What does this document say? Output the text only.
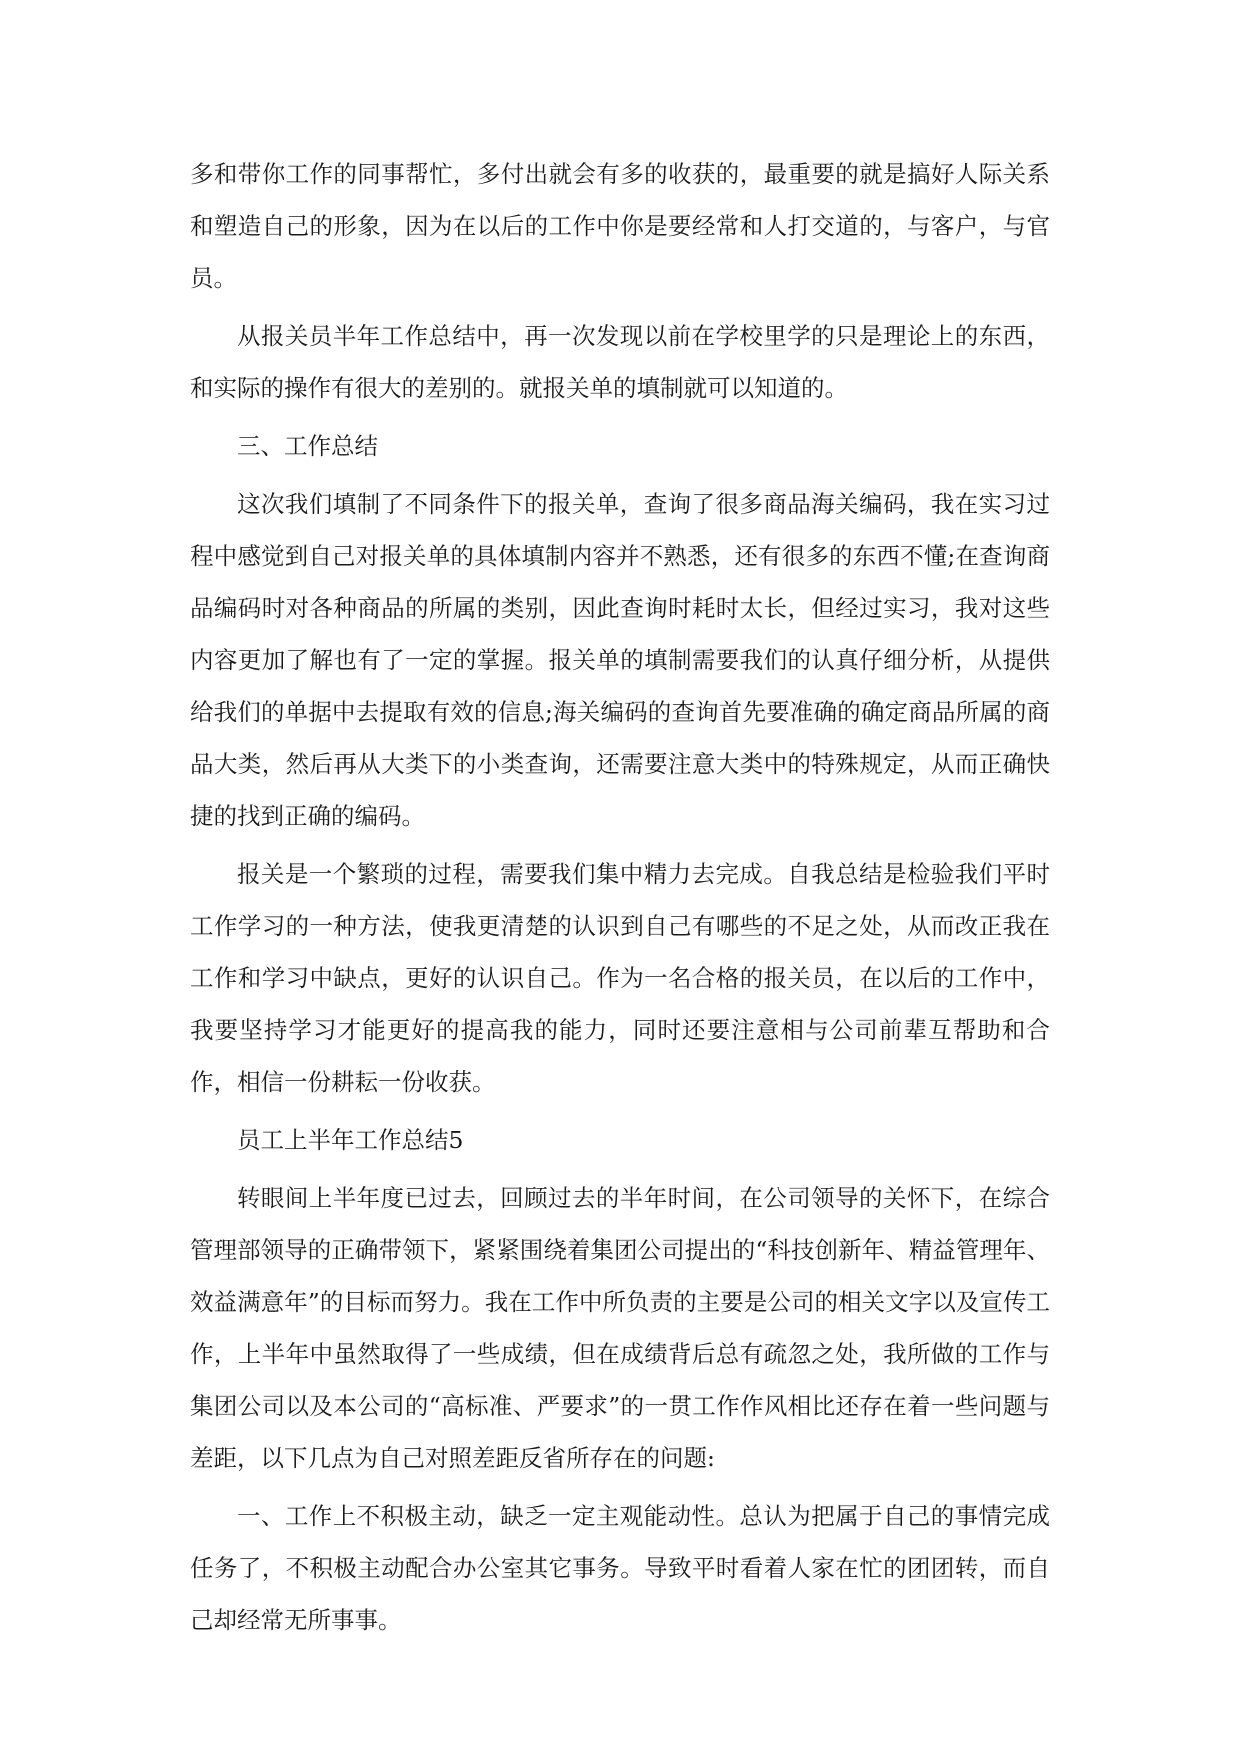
多和带你工作的同事帮忙，多付出就会有多的收获的，最重要的就是搞好人际关系和塑造自己的形象，因为在以后的工作中你是要经常和人打交道的，与客户，与官员。

从报关员半年工作总结中，再一次发现以前在学校里学的只是理论上的东西，和实际的操作有很大的差别的。就报关单的填制就可以知道的。

三、工作总结

这次我们填制了不同条件下的报关单，查询了很多商品海关编码，我在实习过程中感觉到自己对报关单的具体填制内容并不熟悉，还有很多的东西不懂;在查询商品编码时对各种商品的所属的类别，因此查询时耗时太长，但经过实习，我对这些内容更加了解也有了一定的掌握。报关单的填制需要我们的认真仔细分析，从提供给我们的单据中去提取有效的信息;海关编码的查询首先要准确的确定商品所属的商品大类，然后再从大类下的小类查询，还需要注意大类中的特殊规定，从而正确快捷的找到正确的编码。

报关是一个繁琐的过程，需要我们集中精力去完成。自我总结是检验我们平时工作学习的一种方法，使我更清楚的认识到自己有哪些的不足之处，从而改正我在工作和学习中缺点，更好的认识自己。作为一名合格的报关员，在以后的工作中，我要坚持学习才能更好的提高我的能力，同时还要注意相与公司前辈互帮助和合作，相信一份耕耘一份收获。

员工上半年工作总结5

转眼间上半年度已过去，回顾过去的半年时间，在公司领导的关怀下，在综合管理部领导的正确带领下，紧紧围绕着集团公司提出的“科技创新年、精益管理年、效益满意年”的目标而努力。我在工作中所负责的主要是公司的相关文字以及宣传工作，上半年中虽然取得了一些成绩，但在成绩背后总有疏忽之处，我所做的工作与集团公司以及本公司的“高标准、严要求”的一贯工作作风相比还存在着一些问题与差距，以下几点为自己对照差距反省所存在的问题:

一、工作上不积极主动，缺乏一定主观能动性。总认为把属于自己的事情完成任务了，不积极主动配合办公室其它事务。导致平时看着人家在忙的团团转，而自己却经常无所事事。
